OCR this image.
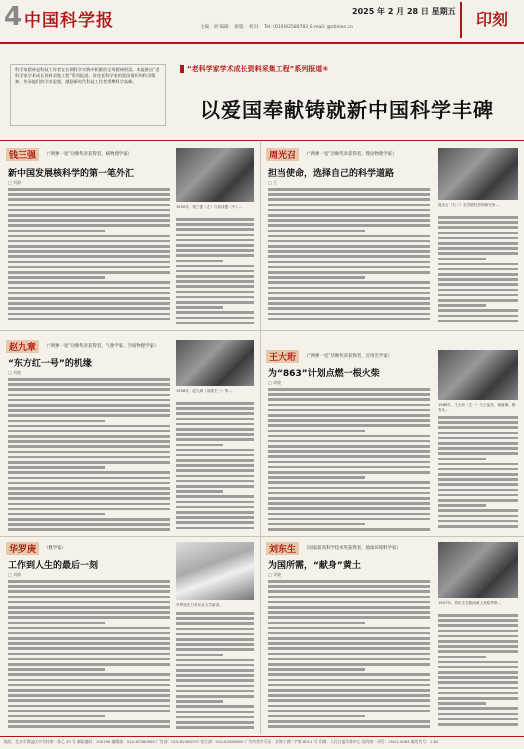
4 中国科学报	2025 年 2 月 28 日 星期五
主编：刘 编辑： 排版： 校对： Tel: (010)62580783 E-mail: @stimes.cn	印刻
科学家精神是科技工作者在长期科学实践中积累的宝贵精神财富。本报推出“老科学家学术成长资料采集工程”系列报道，讲述老科学家的爱国情怀和科学精神，传承他们的学术思想，激励新时代科技工作者勇攀科学高峰。
“老科学家学术成长资料采集工程”系列报道④
以爱国奉献铸就新中国科学丰碑
钱三强	（“两弹一星”功勋奖章获得者，核物理学家）
新中国发展核科学的第一笔外汇
□ 刘晓
1950年，钱三强（左）与何泽慧（中）…
周光召	（“两弹一星”功勋奖章获得者，理论物理学家）
担当使命，选择自己的科学道路
□ 王
周光召（右二）在苏联杜布纳研究所…
赵九章	（“两弹一星”功勋奖章获得者，气象学家、空间物理学家）
“东方红一号”的机缘
□ 刘晓
1958年，赵九章（前排左一）等…
王大珩	（“两弹一星”功勋奖章获得者，应用光学家）
为“863”计划点燃一根火柴
□ 胡晓
1986年，王大珩（左一）与王淦昌、杨嘉墀、陈芳允…
华罗庚	（数学家）
工作到人生的最后一刻
□ 刘晓
华罗庚在日本东京大学演讲。
刘东生	（国家最高科学技术奖获得者，地球环境科学家）
为国所需，“献身”黄土
□ 刘晓
1957年，刘东生在陕西黄土高原考察…
地址：北京市海淀区中关村南一条乙 33 号 邮政编码：100190 编辑部：010-62580699 广告部：010-62580707 发行部：010-62580600 广告经营许可证：京海工商广字第 8011 号 印刷：人民日报印务中心 国内统一刊号：CN11-0084 邮发代号：1-82
